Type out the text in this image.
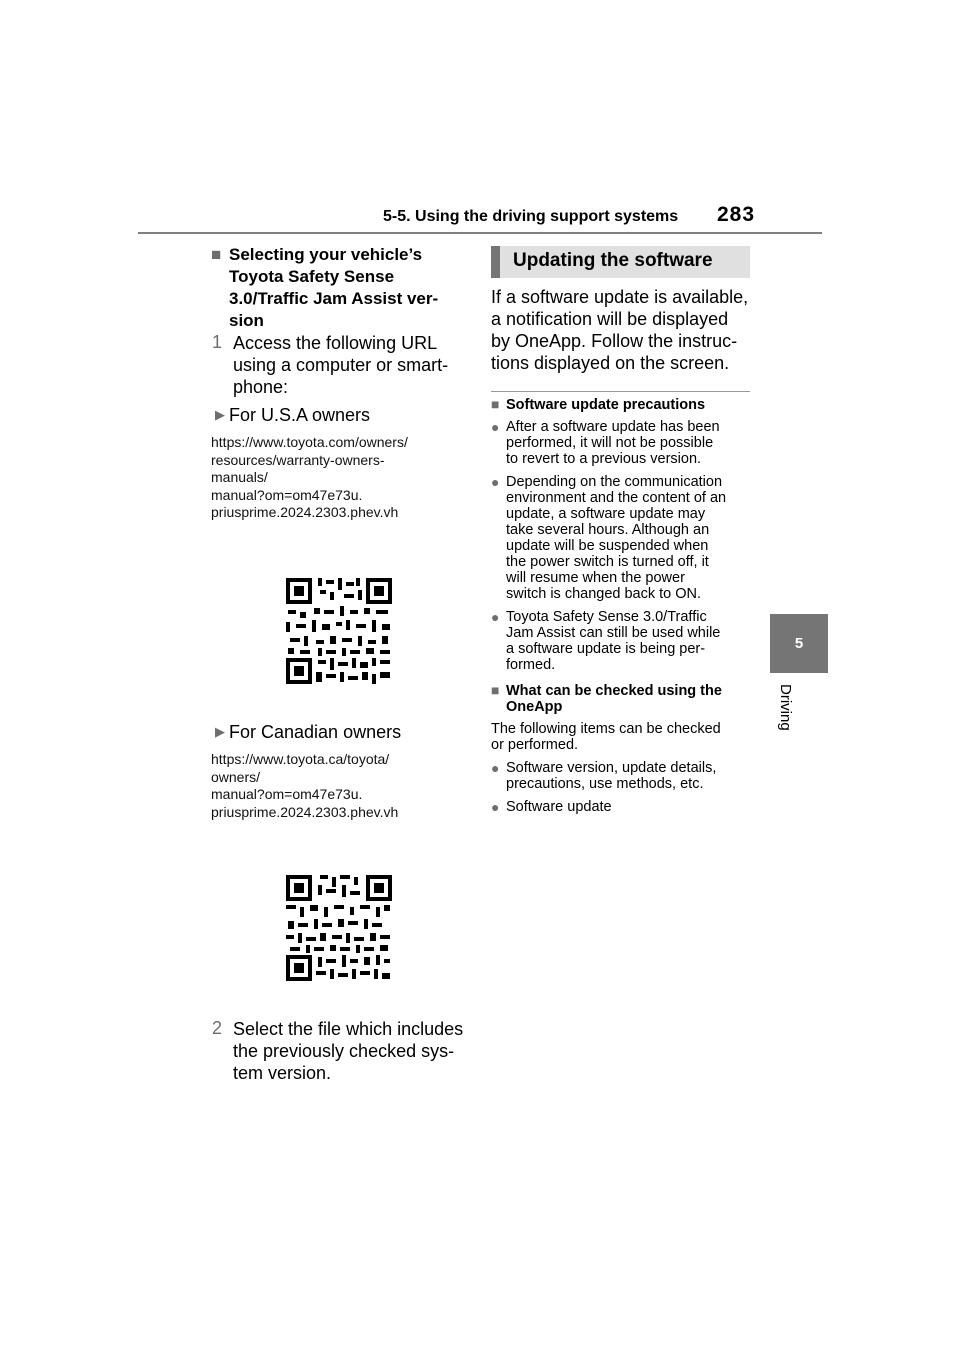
5-5. Using the driving support systems 283
5
Driving
■ Selecting your vehicle’s
Toyota Safety Sense
3.0/Traffic Jam Assist ver-
sion
1 Access the following URL
using a computer or smart-
phone:
▶ For U.S.A owners
https://www.toyota.com/owners/
resources/warranty-owners-
manuals/
manual?om=om47e73u.
priusprime.2024.2303.phev.vh
▶ For Canadian owners
https://www.toyota.ca/toyota/
owners/
manual?om=om47e73u.
priusprime.2024.2303.phev.vh
2 Select the file which includes
the previously checked sys-
tem version.
Updating the software
If a software update is available,
a notification will be displayed
by OneApp. Follow the instruc-
tions displayed on the screen.
■ Software update precautions
● After a software update has been
performed, it will not be possible
to revert to a previous version.
● Depending on the communication
environment and the content of an
update, a software update may
take several hours. Although an
update will be suspended when
the power switch is turned off, it
will resume when the power
switch is changed back to ON.
● Toyota Safety Sense 3.0/Traffic
Jam Assist can still be used while
a software update is being per-
formed.
■ What can be checked using the
OneApp
The following items can be checked
or performed.
● Software version, update details,
precautions, use methods, etc.
● Software update
